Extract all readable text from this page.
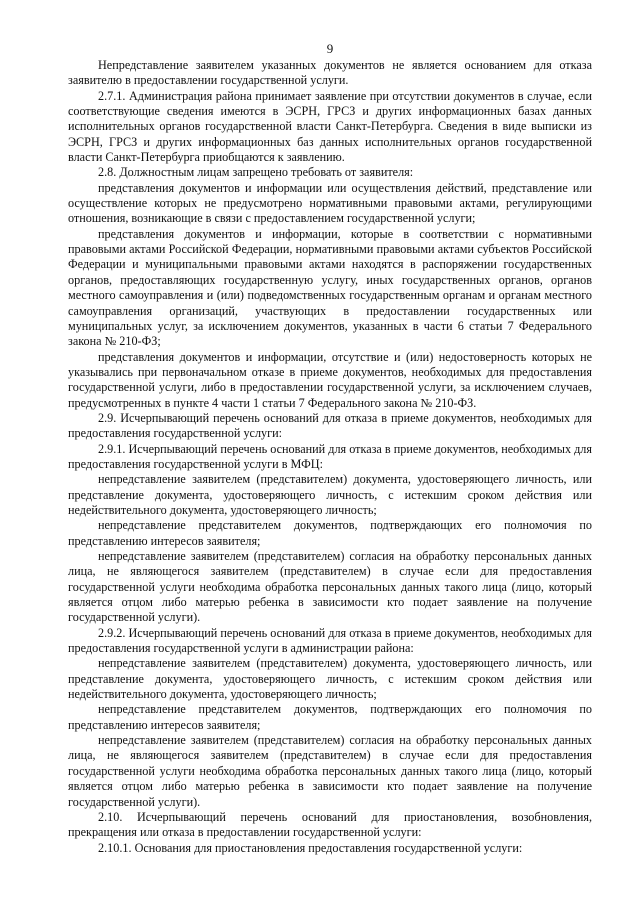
9

Непредставление заявителем указанных документов не является основанием для отказа заявителю в предоставлении государственной услуги.

2.7.1. Администрация района принимает заявление при отсутствии документов в случае, если соответствующие сведения имеются в ЭСРН, ГРСЗ и других информационных базах данных исполнительных органов государственной власти Санкт-Петербурга. Сведения в виде выписки из ЭСРН, ГРСЗ и других информационных баз данных исполнительных органов государственной власти Санкт-Петербурга приобщаются к заявлению.

2.8. Должностным лицам запрещено требовать от заявителя:

представления документов и информации или осуществления действий, представление или осуществление которых не предусмотрено нормативными правовыми актами, регулирующими отношения, возникающие в связи с предоставлением государственной услуги;

представления документов и информации, которые в соответствии с нормативными правовыми актами Российской Федерации, нормативными правовыми актами субъектов Российской Федерации и муниципальными правовыми актами находятся в распоряжении государственных органов, предоставляющих государственную услугу, иных государственных органов, органов местного самоуправления и (или) подведомственных государственным органам и органам местного самоуправления организаций, участвующих в предоставлении государственных или муниципальных услуг, за исключением документов, указанных в части 6 статьи 7 Федерального закона № 210-ФЗ;

представления документов и информации, отсутствие и (или) недостоверность которых не указывались при первоначальном отказе в приеме документов, необходимых для предоставления государственной услуги, либо в предоставлении государственной услуги, за исключением случаев, предусмотренных в пункте 4 части 1 статьи 7 Федерального закона № 210-ФЗ.

2.9. Исчерпывающий перечень оснований для отказа в приеме документов, необходимых для предоставления государственной услуги:

2.9.1. Исчерпывающий перечень оснований для отказа в приеме документов, необходимых для предоставления государственной услуги в МФЦ:

непредставление заявителем (представителем) документа, удостоверяющего личность, или представление документа, удостоверяющего личность, с истекшим сроком действия или недействительного документа, удостоверяющего личность;

непредставление представителем документов, подтверждающих его полномочия по представлению интересов заявителя;

непредставление заявителем (представителем) согласия на обработку персональных данных лица, не являющегося заявителем (представителем) в случае если для предоставления государственной услуги необходима обработка персональных данных такого лица (лицо, который является отцом либо матерью ребенка в зависимости кто подает заявление на получение государственной услуги).

2.9.2. Исчерпывающий перечень оснований для отказа в приеме документов, необходимых для предоставления государственной услуги в администрации района:

непредставление заявителем (представителем) документа, удостоверяющего личность, или представление документа, удостоверяющего личность, с истекшим сроком действия или недействительного документа, удостоверяющего личность;

непредставление представителем документов, подтверждающих его полномочия по представлению интересов заявителя;

непредставление заявителем (представителем) согласия на обработку персональных данных лица, не являющегося заявителем (представителем) в случае если для предоставления государственной услуги необходима обработка персональных данных такого лица (лицо, который является отцом либо матерью ребенка в зависимости кто подает заявление на получение государственной услуги).

2.10. Исчерпывающий перечень оснований для приостановления, возобновления, прекращения или отказа в предоставлении государственной услуги:

2.10.1. Основания для приостановления предоставления государственной услуги:
